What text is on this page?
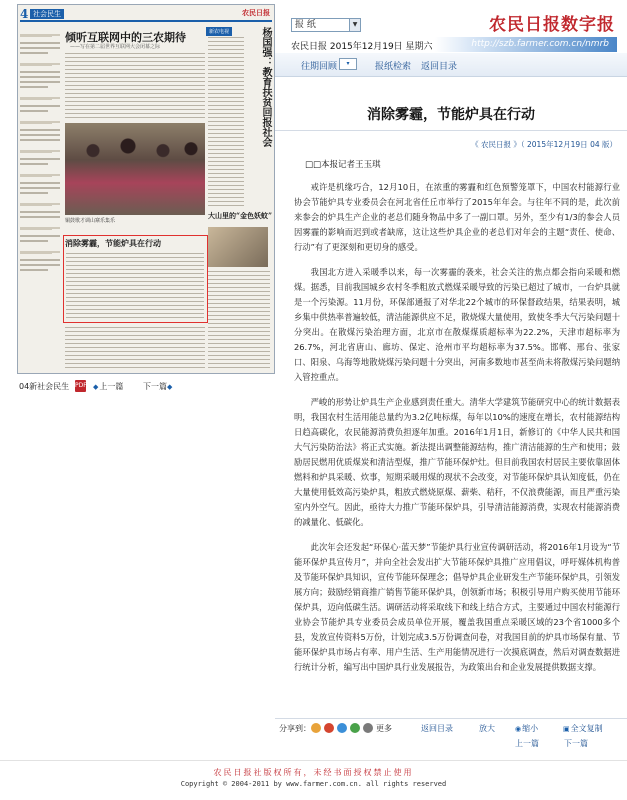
4 社会民生	农民日报
倾听互联网中的三农期待
——写在第二届世界互联网大会闭幕之际
新农电视	杨国强：教育扶贫回报社会
铜鼓歌才调山寨乐集乐
大山里的“金色妖蚊”
消除雾霾，节能炉具在行动
04新社会民生 PDF ◆上一篇 下一篇◆
报 纸	▼	农民日报数字报
农民日报 2015年12月19日 星期六	http://szb.farmer.com.cn/nmrb
往期回顾	▾	报纸检索 返回目录
消除雾霾，节能炉具在行动
《 农民日报 》（ 2015年12月19日 04 版）
□□本报记者王玉琪

戒许是机缘巧合，12月10日，在浓重的雾霾和红色预警笼罩下，中国农村能源行业协会节能炉具专业委员会在河北省任丘市举行了2015年年会。与往年不同的是，此次前来参会的炉具生产企业的老总们随身物品中多了一副口罩。另外，至少有1/3的参会人员因雾霾的影响而迟到或者缺席，这让这些炉具企业的老总们对年会的主题“责任、使命、行动”有了更深刻和更切身的感受。

我国北方进入采暖季以来，每一次雾霾的袭来，社会关注的焦点都会指向采暖和燃煤。据悉，目前我国城乡农村冬季粗放式燃煤采暖导致的污染已超过了城市，一台炉具就是一个污染源。11月份，环保部通报了对华北22个城市的环保督政结果，结果表明，城乡集中供热率普遍较低，清洁能源供应不足，散烧煤大量使用，致使冬季大气污染问题十分突出。在散煤污染治理方面，北京市在散煤煤质超标率为22.2%，天津市超标率为26.7%，河北省唐山、廊坊、保定、沧州市平均超标率为37.5%。邯郸、邢台、张家口、阳泉、乌海等地散烧煤污染问题十分突出，河南多数地市甚至尚未将散煤污染问题纳入管控重点。

严峻的形势让炉具生产企业感到责任重大。清华大学建筑节能研究中心的统计数据表明，我国农村生活用能总量约为3.2亿吨标煤，每年以10%的速度在增长，农村能源结构日趋高碳化，农民能源消费负担逐年加重。2016年1月1日，新修订的《中华人民共和国大气污染防治法》将正式实施。新法提出调整能源结构，推广清洁能源的生产和使用；鼓励居民燃用优质煤炭和清洁型煤，推广节能环保炉灶。但目前我国农村居民主要依靠固体燃料和炉具采暖、炊事，短期采暖用煤的现状不会改变，对节能环保炉具认知度低，仍在大量使用低效高污染炉具，粗放式燃烧原煤、薪柴、秸秆，不仅浪费能源，而且严重污染室内外空气。因此，亟待大力推广节能环保炉具，引导清洁能源消费，实现农村能源消费的减量化、低碳化。

此次年会还发起“环保心·蓝天梦”节能炉具行业宣传调研活动，将2016年1月设为“节能环保炉具宣传月”，并向全社会发出扩大节能环保炉具推广应用倡议，呼吁媒体机构普及节能环保炉具知识，宣传节能环保理念；倡导炉具企业研发生产节能环保炉具，引领发展方向；鼓励经销商推广销售节能环保炉具，创领新市场；积极引导用户购买使用节能环保炉具，迈向低碳生活。调研活动将采取线下和线上结合方式，主要通过中国农村能源行业协会节能炉具专业委员会成员单位开展，覆盖我国重点采暖区域的23个省1000多个县，发放宣传资料5万份，计划完成3.5万份调查问卷，对我国目前的炉具市场保有量、节能环保炉具市场占有率、用户生活、生产用能情况进行一次摸底调查，然后对调查数据进行统计分析，编写出中国炉具行业发展报告，为政策出台和企业发展提供数据支撑。

分享到：	更多	返回目录	放大	◉缩小	▣全文复制
上一篇	下一篇
农民日报社版权所有，未经书面授权禁止使用
Copyright © 2004-2011 by www.farmer.com.cn. all rights reserved
